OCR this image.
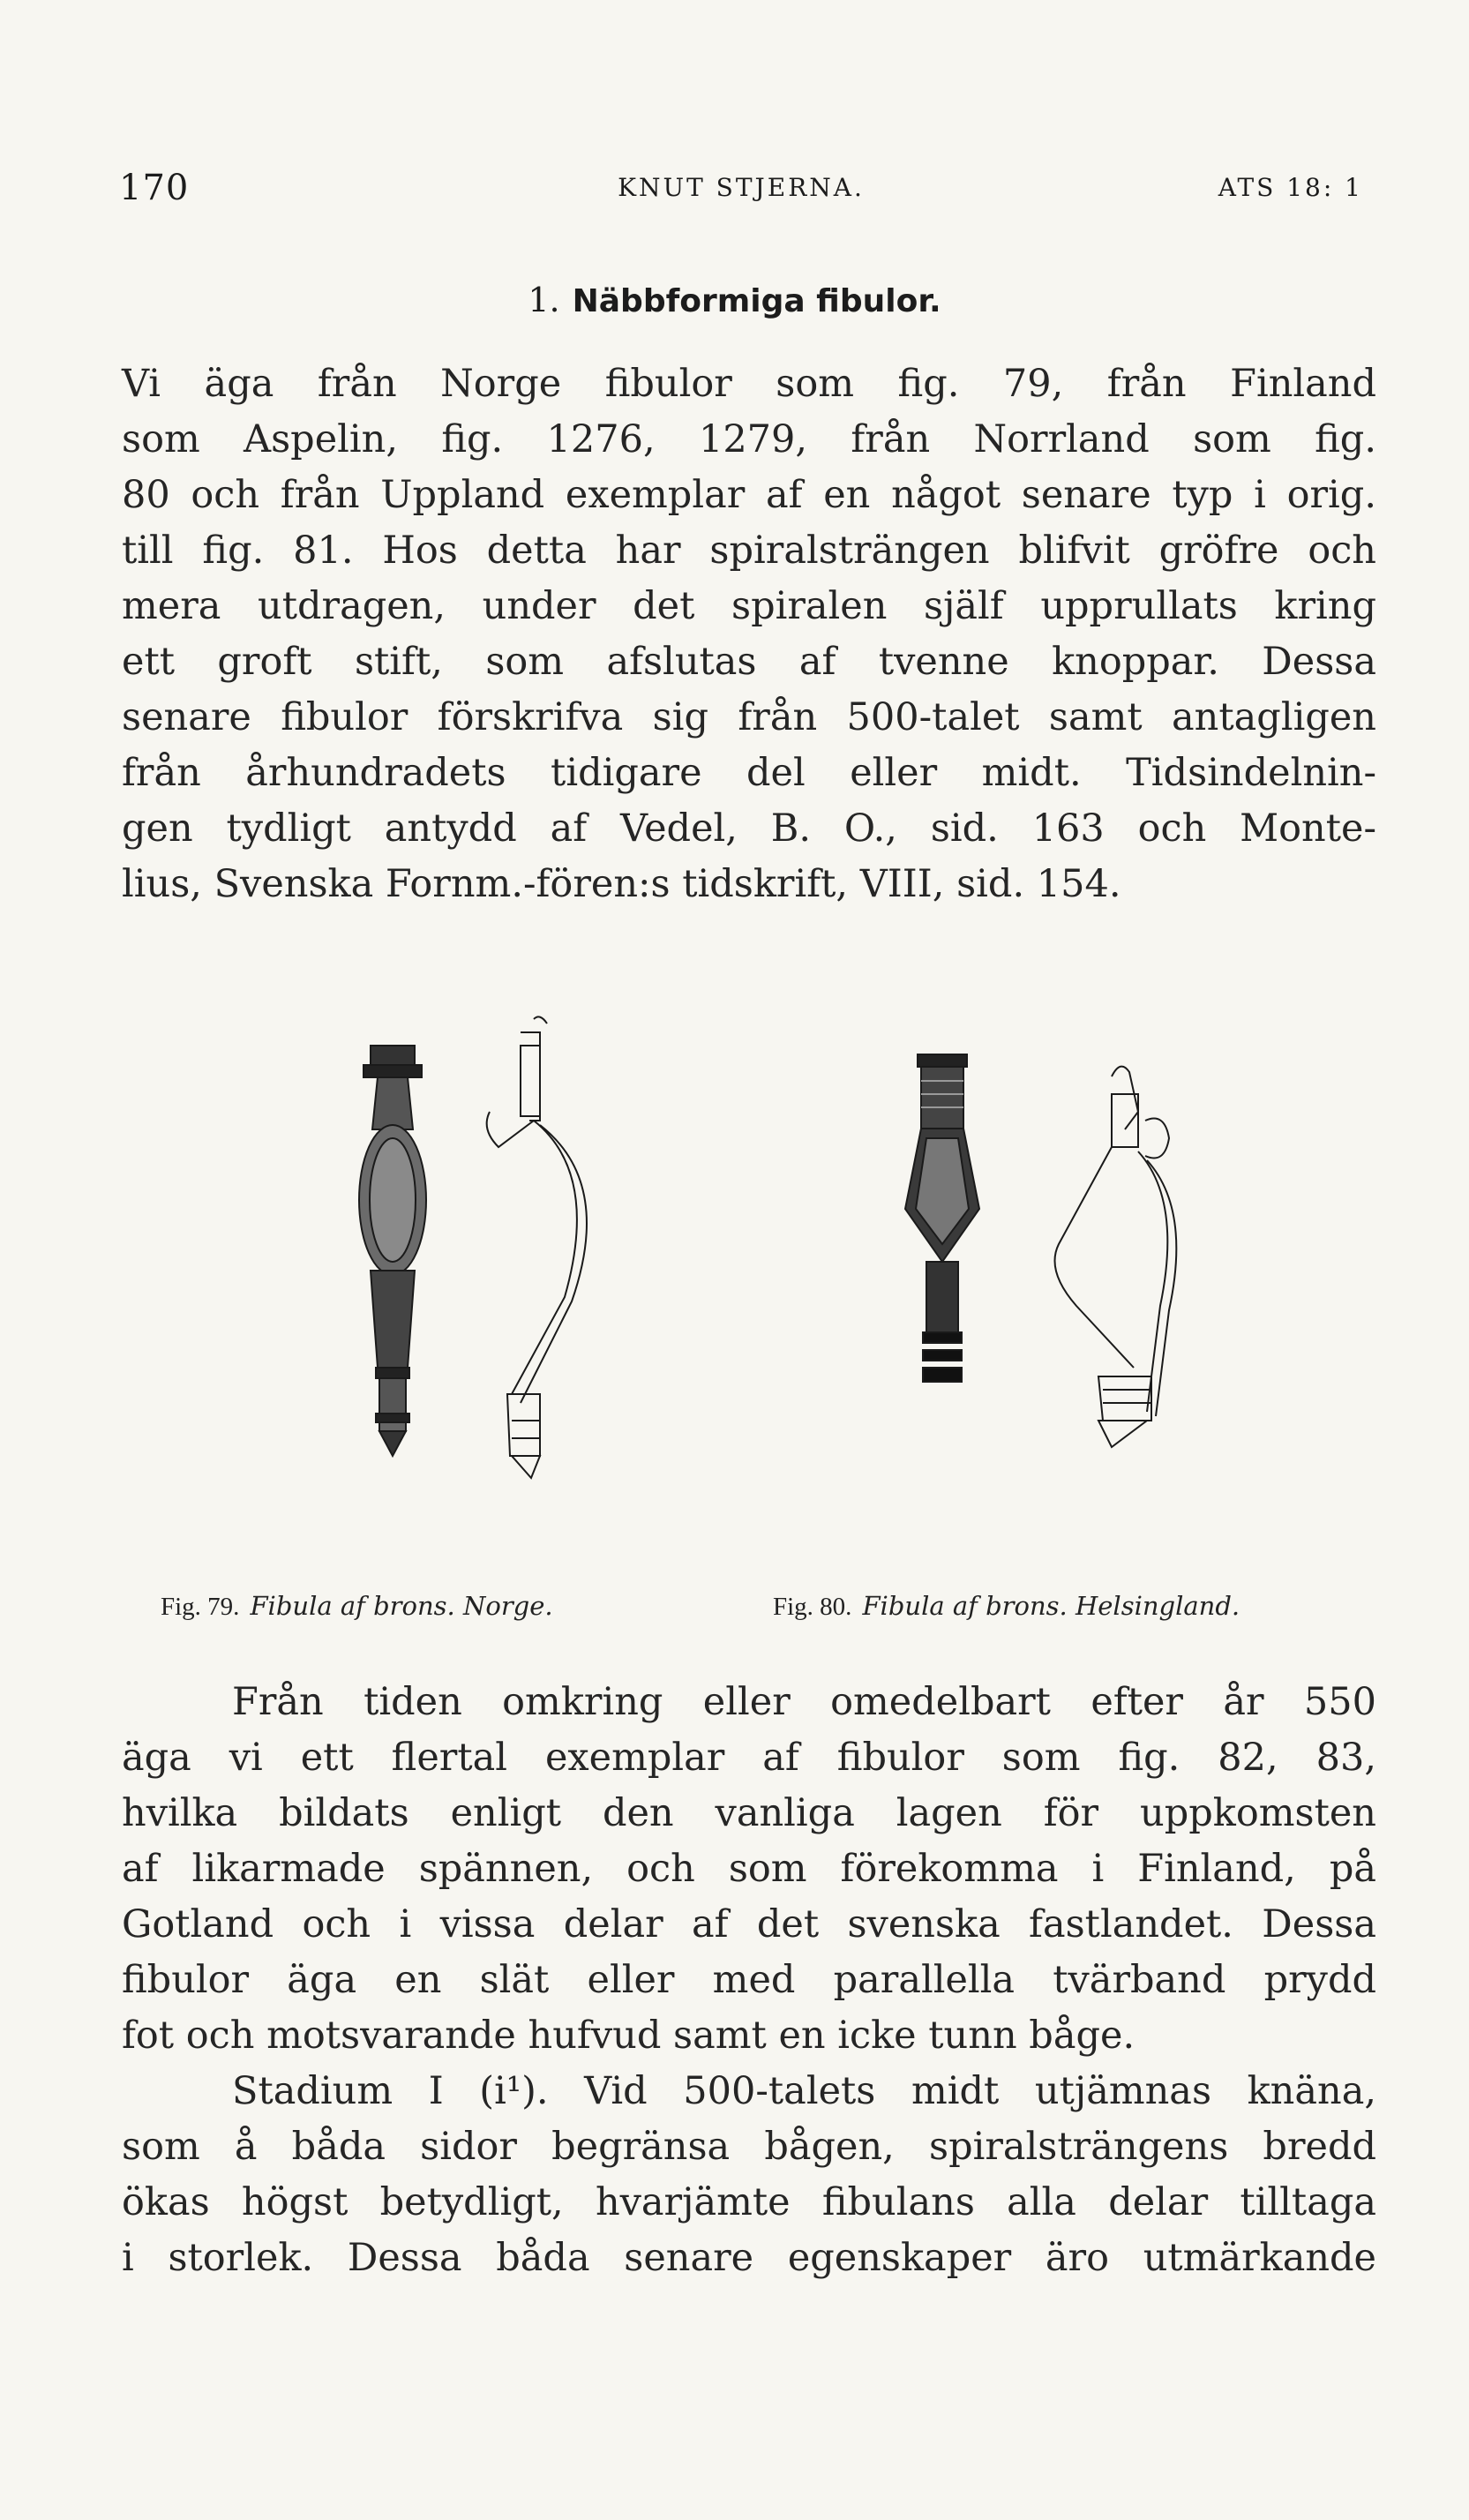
170	KNUT STJERNA.	ATS 18: 1
1. Näbbformiga fibulor.
Vi äga från Norge fibulor som fig. 79, från Finland
som Aspelin, fig. 1276, 1279, från Norrland som fig.
80 och från Uppland exemplar af en något senare typ i orig.
till fig. 81. Hos detta har spiralsträngen blifvit gröfre och
mera utdragen, under det spiralen själf upprullats kring
ett groft stift, som afslutas af tvenne knoppar. Dessa
senare fibulor förskrifva sig från 500-talet samt antagligen
från århundradets tidigare del eller midt. Tidsindelnin-
gen tydligt antydd af Vedel, B. O., sid. 163 och Monte-
lius, Svenska Fornm.-fören:s tidskrift, VIII, sid. 154.
Fig. 79. Fibula af brons. Norge.	Fig. 80. Fibula af brons. Helsingland.
Från tiden omkring eller omedelbart efter år 550
äga vi ett flertal exemplar af fibulor som fig. 82, 83,
hvilka bildats enligt den vanliga lagen för uppkomsten
af likarmade spännen, och som förekomma i Finland, på
Gotland och i vissa delar af det svenska fastlandet. Dessa
fibulor äga en slät eller med parallella tvärband prydd
fot och motsvarande hufvud samt en icke tunn båge.
Stadium I (i¹). Vid 500-talets midt utjämnas knäna,
som å båda sidor begränsa bågen, spiralsträngens bredd
ökas högst betydligt, hvarjämte fibulans alla delar tilltaga
i storlek. Dessa båda senare egenskaper äro utmärkande
